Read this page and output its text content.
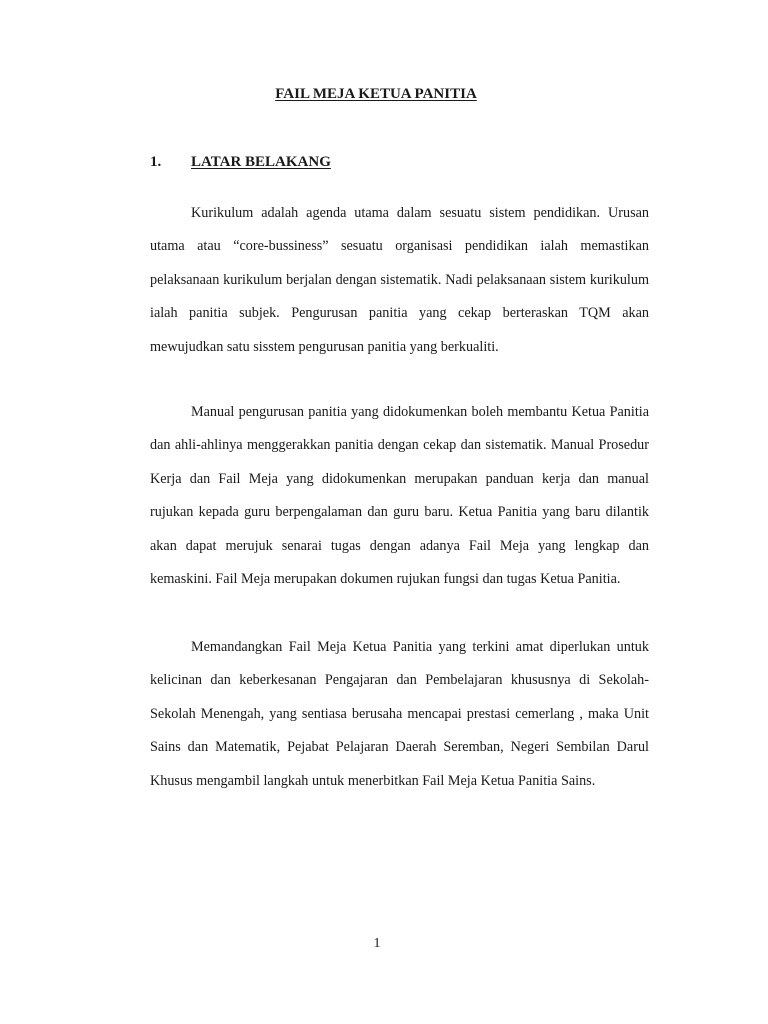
FAIL MEJA KETUA PANITIA
1. LATAR BELAKANG

Kurikulum adalah agenda utama dalam sesuatu sistem pendidikan. Urusan utama atau “core-bussiness” sesuatu organisasi pendidikan ialah memastikan pelaksanaan kurikulum berjalan dengan sistematik. Nadi pelaksanaan sistem kurikulum ialah panitia subjek. Pengurusan panitia yang cekap berteraskan TQM akan mewujudkan satu sisstem pengurusan panitia yang berkualiti.

Manual pengurusan panitia yang didokumenkan boleh membantu Ketua Panitia dan ahli-ahlinya menggerakkan panitia dengan cekap dan sistematik. Manual Prosedur Kerja dan Fail Meja yang didokumenkan merupakan panduan kerja dan manual rujukan kepada guru berpengalaman dan guru baru. Ketua Panitia yang baru dilantik akan dapat merujuk senarai tugas dengan adanya Fail Meja yang lengkap dan kemaskini. Fail Meja merupakan dokumen rujukan fungsi dan tugas Ketua Panitia.

Memandangkan Fail Meja Ketua Panitia yang terkini amat diperlukan untuk kelicinan dan keberkesanan Pengajaran dan Pembelajaran khususnya di Sekolah-Sekolah Menengah, yang sentiasa berusaha mencapai prestasi cemerlang , maka Unit Sains dan Matematik, Pejabat Pelajaran Daerah Seremban, Negeri Sembilan Darul Khusus mengambil langkah untuk menerbitkan Fail Meja Ketua Panitia Sains.

1
